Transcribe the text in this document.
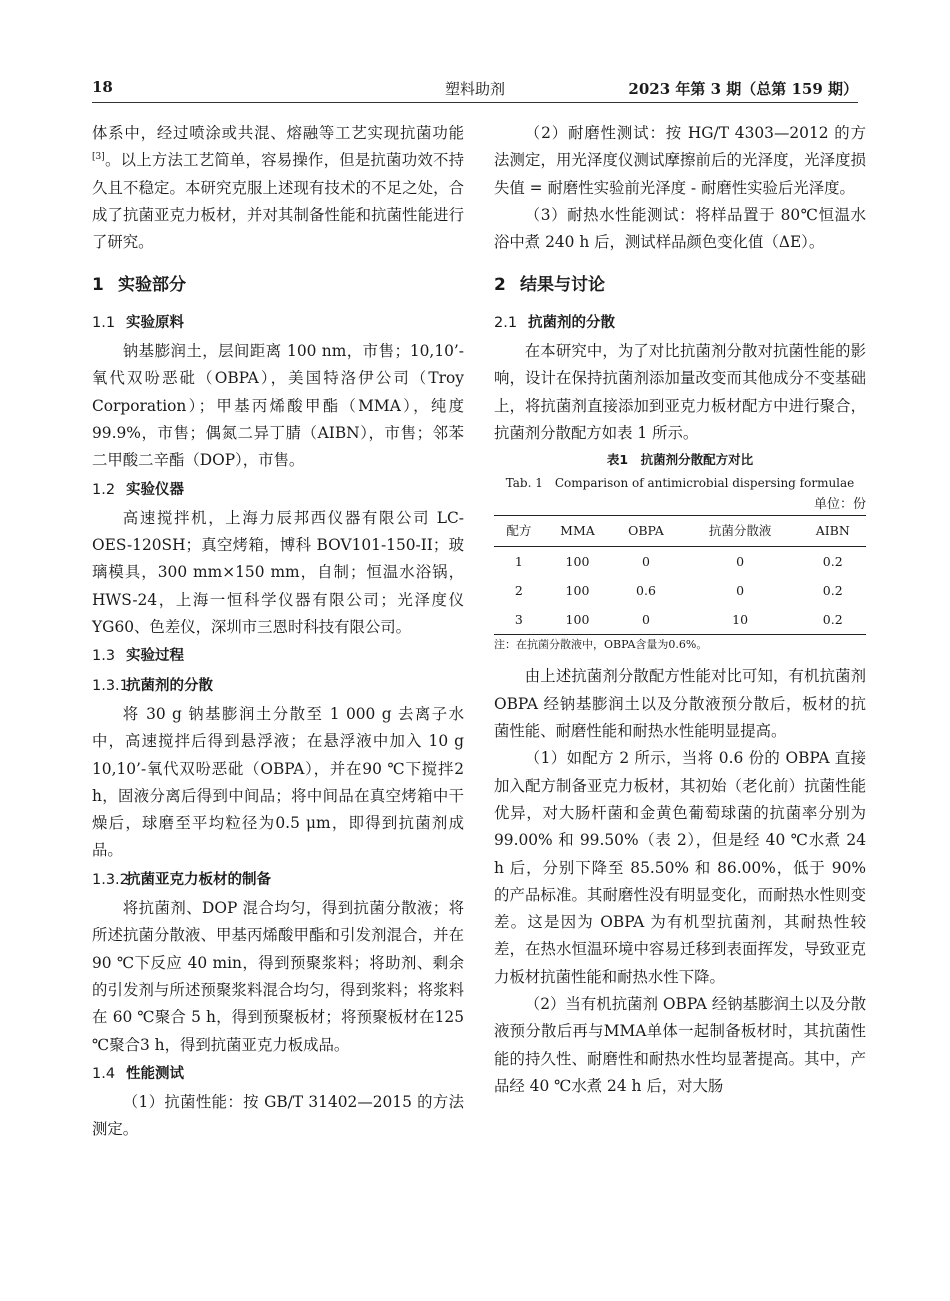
18	塑料助剂	2023 年第 3 期（总第 159 期）

体系中，经过喷涂或共混、熔融等工艺实现抗菌功能[3]。以上方法工艺简单，容易操作，但是抗菌功效不持久且不稳定。本研究克服上述现有技术的不足之处，合成了抗菌亚克力板材，并对其制备性能和抗菌性能进行了研究。

1 实验部分
1.1 实验原料

钠基膨润土，层间距离 100 nm，市售；10,10’- 氧代双吩恶砒（OBPA），美国特洛伊公司（Troy Corporation）；甲基丙烯酸甲酯（MMA），纯度 99.9%，市售；偶氮二异丁腈（AIBN），市售；邻苯二甲酸二辛酯（DOP），市售。

1.2 实验仪器

高速搅拌机，上海力辰邦西仪器有限公司 LC-OES-120SH；真空烤箱，博科 BOV101-150-II；玻璃模具，300 mm×150 mm，自制；恒温水浴锅，HWS-24，上海一恒科学仪器有限公司；光泽度仪 YG60、色差仪，深圳市三恩时科技有限公司。

1.3 实验过程
1.3.1抗菌剂的分散

将 30 g 钠基膨润土分散至 1 000 g 去离子水中，高速搅拌后得到悬浮液；在悬浮液中加入 10 g 10,10’-氧代双吩恶砒（OBPA），并在90 ℃下搅拌2 h，固液分离后得到中间品；将中间品在真空烤箱中干燥后，球磨至平均粒径为0.5 μm，即得到抗菌剂成品。

1.3.2抗菌亚克力板材的制备

将抗菌剂、DOP 混合均匀，得到抗菌分散液；将所述抗菌分散液、甲基丙烯酸甲酯和引发剂混合，并在 90 ℃下反应 40 min，得到预聚浆料；将助剂、剩余的引发剂与所述预聚浆料混合均匀，得到浆料；将浆料在 60 ℃聚合 5 h，得到预聚板材；将预聚板材在125 ℃聚合3 h，得到抗菌亚克力板成品。

1.4 性能测试

（1）抗菌性能：按 GB/T 31402—2015 的方法测定。

（2）耐磨性测试：按 HG/T 4303—2012 的方法测定，用光泽度仪测试摩擦前后的光泽度，光泽度损失值 = 耐磨性实验前光泽度 - 耐磨性实验后光泽度。

（3）耐热水性能测试：将样品置于 80℃恒温水浴中煮 240 h 后，测试样品颜色变化值（ΔE）。

2 结果与讨论
2.1 抗菌剂的分散

在本研究中，为了对比抗菌剂分散对抗菌性能的影响，设计在保持抗菌剂添加量改变而其他成分不变基础上，将抗菌剂直接添加到亚克力板材配方中进行聚合，抗菌剂分散配方如表 1 所示。

表1　抗菌剂分散配方对比
Tab. 1　Comparison of antimicrobial dispersing formulae
单位：份
配方	MMA	OBPA	抗菌分散液	AIBN
1	100	0	0	0.2
2	100	0.6	0	0.2
3	100	0	10	0.2
注：在抗菌分散液中，OBPA含量为0.6%。

由上述抗菌剂分散配方性能对比可知，有机抗菌剂 OBPA 经钠基膨润土以及分散液预分散后，板材的抗菌性能、耐磨性能和耐热水性能明显提高。

（1）如配方 2 所示，当将 0.6 份的 OBPA 直接加入配方制备亚克力板材，其初始（老化前）抗菌性能优异，对大肠杆菌和金黄色葡萄球菌的抗菌率分别为 99.00% 和 99.50%（表 2），但是经 40 ℃水煮 24 h 后，分别下降至 85.50% 和 86.00%，低于 90% 的产品标准。其耐磨性没有明显变化，而耐热水性则变差。这是因为 OBPA 为有机型抗菌剂，其耐热性较差，在热水恒温环境中容易迁移到表面挥发，导致亚克力板材抗菌性能和耐热水性下降。

（2）当有机抗菌剂 OBPA 经钠基膨润土以及分散液预分散后再与MMA单体一起制备板材时，其抗菌性能的持久性、耐磨性和耐热水性均显著提高。其中，产品经 40 ℃水煮 24 h 后，对大肠
